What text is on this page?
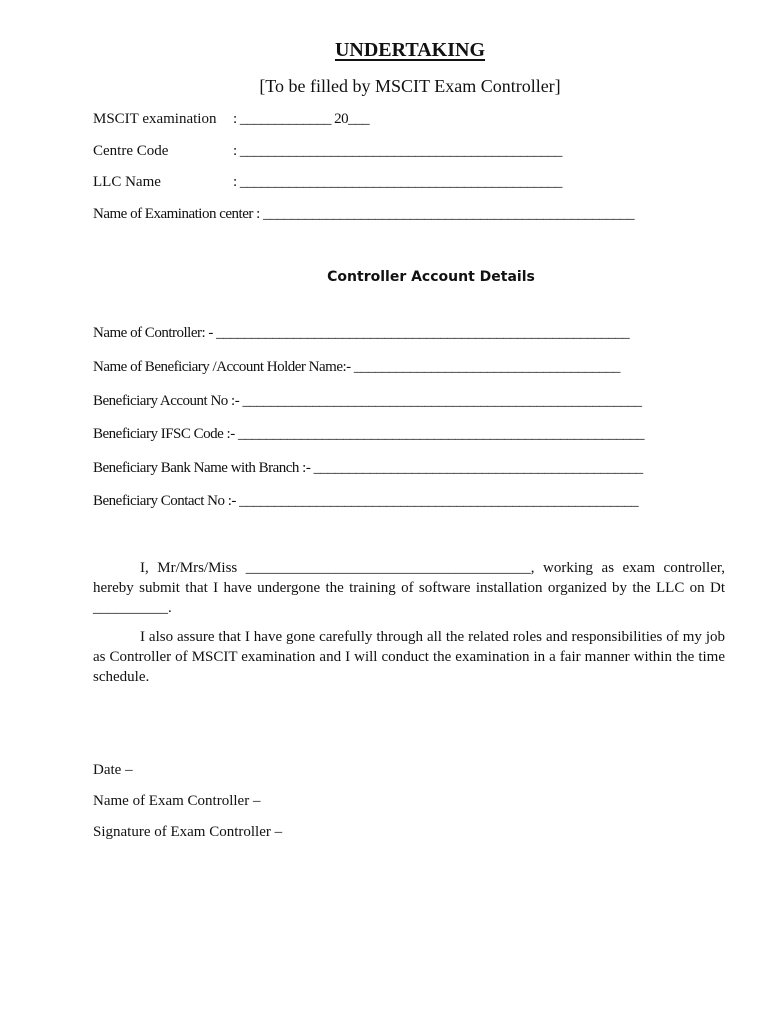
UNDERTAKING
[To be filled by MSCIT Exam Controller]
MSCIT examination : _____________ 20___
Centre Code	: ______________________________________________
LLC Name	: ______________________________________________
Name of Examination center : _____________________________________________________
Controller Account Details
Name of Controller: - ___________________________________________________________
Name of Beneficiary /Account Holder Name:- ______________________________________
Beneficiary Account No :- _________________________________________________________
Beneficiary IFSC Code :- __________________________________________________________
Beneficiary Bank Name with Branch :- _______________________________________________
Beneficiary Contact No :- _________________________________________________________
I, Mr/Mrs/Miss ______________________________________, working as exam controller, hereby submit that I have undergone the training of software installation organized by the LLC on Dt __________.
I also assure that I have gone carefully through all the related roles and responsibilities of my job as Controller of MSCIT examination and I will conduct the examination in a fair manner within the time schedule.
Date –
Name of Exam Controller –
Signature of Exam Controller –
